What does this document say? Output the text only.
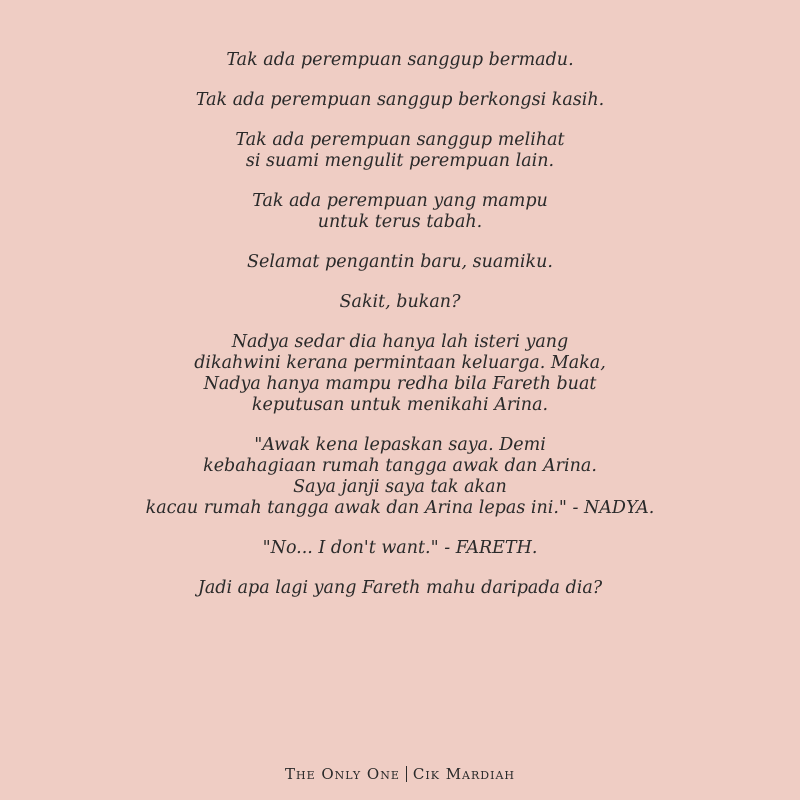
Tak ada perempuan sanggup bermadu.

Tak ada perempuan sanggup berkongsi kasih.

Tak ada perempuan sanggup melihat
si suami mengulit perempuan lain.

Tak ada perempuan yang mampu
untuk terus tabah.

Selamat pengantin baru, suamiku.

Sakit, bukan?

Nadya sedar dia hanya lah isteri yang
dikahwini kerana permintaan keluarga. Maka,
Nadya hanya mampu redha bila Fareth buat
keputusan untuk menikahi Arina.

"Awak kena lepaskan saya. Demi
kebahagiaan rumah tangga awak dan Arina.
Saya janji saya tak akan
kacau rumah tangga awak dan Arina lepas ini." - NADYA.

"No... I don't want." - FARETH.

Jadi apa lagi yang Fareth mahu daripada dia?

The Only One Cik Mardiah
